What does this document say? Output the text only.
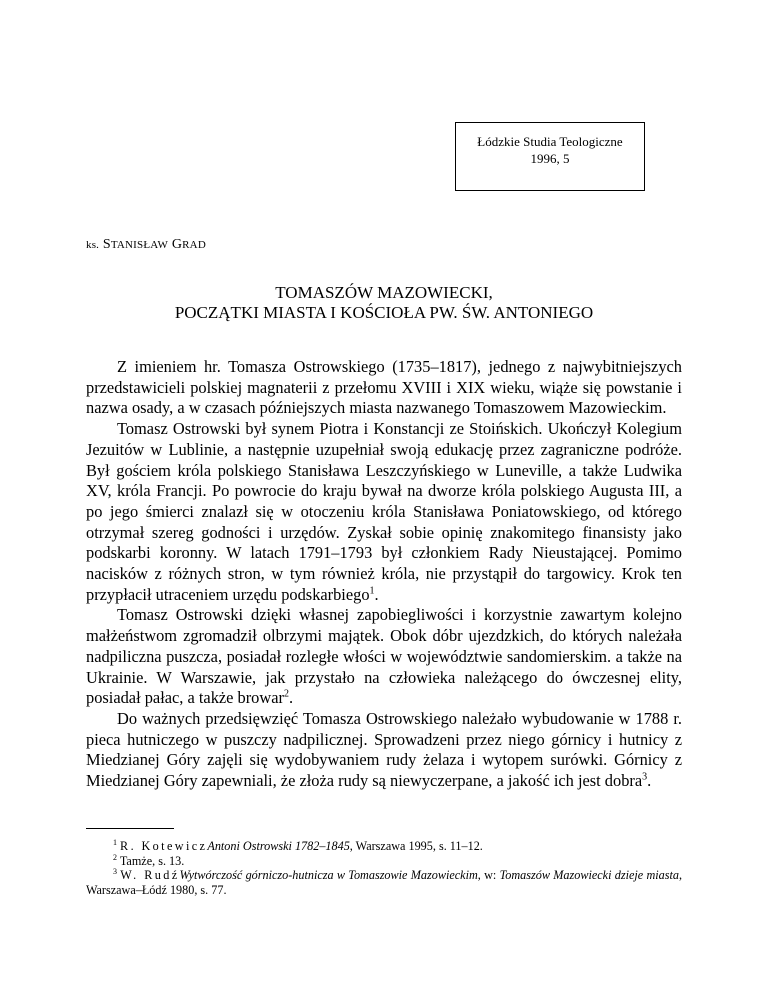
Łódzkie Studia Teologiczne
1996, 5
ks. STANISŁAW GRAD
TOMASZÓW MAZOWIECKI,
POCZĄTKI MIASTA I KOŚCIOŁA PW. ŚW. ANTONIEGO

Z imieniem hr. Tomasza Ostrowskiego (1735–1817), jednego z najwybitniejszych przedstawicieli polskiej magnaterii z przełomu XVIII i XIX wieku, wiąże się powstanie i nazwa osady, a w czasach późniejszych miasta nazwanego Tomaszowem Mazowieckim.

Tomasz Ostrowski był synem Piotra i Konstancji ze Stoińskich. Ukończył Kolegium Jezuitów w Lublinie, a następnie uzupełniał swoją edukację przez zagraniczne podróże. Był gościem króla polskiego Stanisława Leszczyńskiego w Luneville, a także Ludwika XV, króla Francji. Po powrocie do kraju bywał na dworze króla polskiego Augusta III, a po jego śmierci znalazł się w otoczeniu króla Stanisława Poniatowskiego, od którego otrzymał szereg godności i urzędów. Zyskał sobie opinię znakomitego finansisty jako podskarbi koronny. W latach 1791–1793 był członkiem Rady Nieustającej. Pomimo nacisków z różnych stron, w tym również króla, nie przystąpił do targowicy. Krok ten przypłacił utraceniem urzędu podskarbiego$^1$.

Tomasz Ostrowski dzięki własnej zapobiegliwości i korzystnie zawartym kolejno małżeństwom zgromadził olbrzymi majątek. Obok dóbr ujezdzkich, do których należała nadpilicznа puszcza, posiadał rozległe włości w województwie sandomierskim. a także na Ukrainie. W Warszawie, jak przystało na człowieka należącego do ówczesnej elity, posiadał pałac, a także browar$^2$.

Do ważnych przedsięwzięć Tomasza Ostrowskiego należało wybudowanie w 1788 r. pieca hutniczego w puszczy nadpilicznej. Sprowadzeni przez niego górnicy i hutnicy z Miedzianej Góry zajęli się wydobywaniem rudy żelaza i wytopem surówki. Górnicy z Miedzianej Góry zapewniali, że złoża rudy są niewyczerpane, a jakość ich jest dobra$^3$.

$^1$ R. KotewiczAntoni Ostrowski 1782–1845, Warszawa 1995, s. 11–12.

$^2$ Tamże, s. 13.

$^3$ W. RudźWytwórczość górniczo-hutnicza w Tomaszowie Mazowieckim, w: Tomaszów Mazowiecki dzieje miasta, Warszawa–Łódź 1980, s. 77.
